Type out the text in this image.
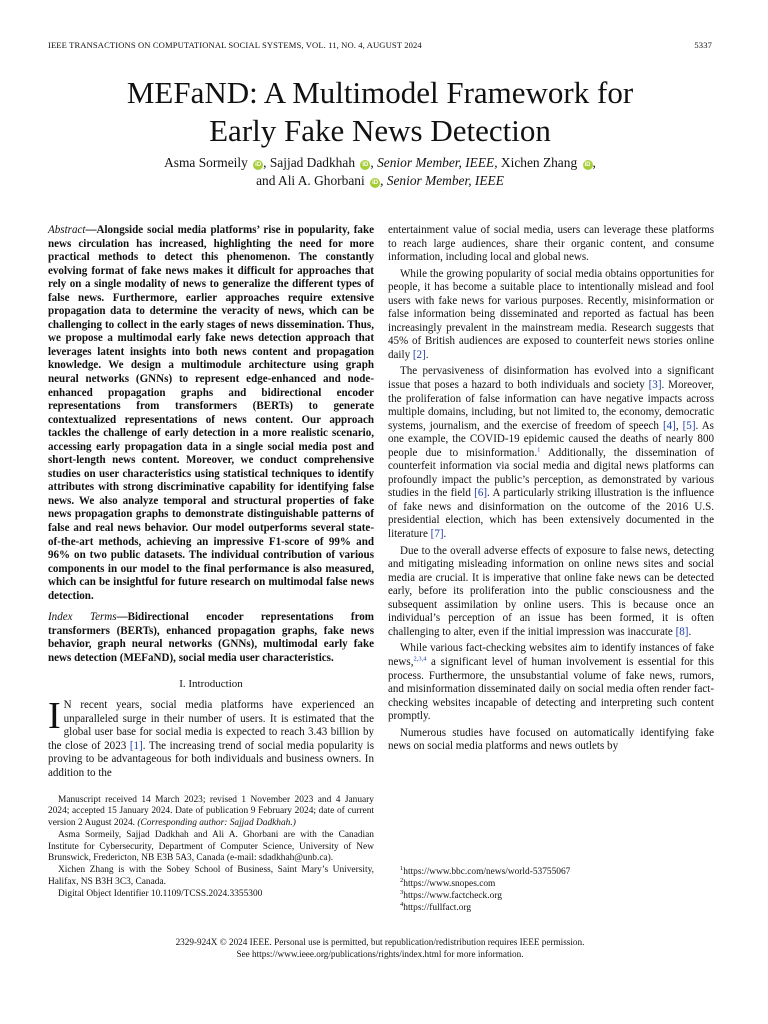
IEEE TRANSACTIONS ON COMPUTATIONAL SOCIAL SYSTEMS, VOL. 11, NO. 4, AUGUST 2024	5337
MEFaND: A Multimodel Framework for
Early Fake News Detection
Asma Sormeily iD , Sajjad Dadkhah iD , Senior Member, IEEE, Xichen Zhang iD ,
and Ali A. Ghorbani iD , Senior Member, IEEE

Abstract—Alongside social media platforms’ rise in popularity, fake news circulation has increased, highlighting the need for more practical methods to detect this phenomenon. The constantly evolving format of fake news makes it difficult for approaches that rely on a single modality of news to generalize the different types of false news. Furthermore, earlier approaches require extensive propagation data to determine the veracity of news, which can be challenging to collect in the early stages of news dissemination. Thus, we propose a multimodal early fake news detection approach that leverages latent insights into both news content and propagation knowledge. We design a multimodule architecture using graph neural networks (GNNs) to represent edge-enhanced and node-enhanced propagation graphs and bidirectional encoder representations from transformers (BERTs) to generate contextualized representations of news content. Our approach tackles the challenge of early detection in a more realistic scenario, accessing early propagation data in a single social media post and short-length news content. Moreover, we conduct comprehensive studies on user characteristics using statistical techniques to identify attributes with strong discriminative capability for identifying false news. We also analyze temporal and structural properties of fake news propagation graphs to demonstrate distinguishable patterns of false and real news behavior. Our model outperforms several state-of-the-art methods, achieving an impressive F1-score of 99% and 96% on two public datasets. The individual contribution of various components in our model to the final performance is also measured, which can be insightful for future research on multimodal false news detection.

Index Terms—Bidirectional encoder representations from transformers (BERTs), enhanced propagation graphs, fake news behavior, graph neural networks (GNNs), multimodal early fake news detection (MEFaND), social media user characteristics.

I. Introduction

I N recent years, social media platforms have experienced an unparalleled surge in their number of users. It is estimated that the global user base for social media is expected to reach 3.43 billion by the close of 2023 [1]. The increasing trend of social media popularity is proving to be advantageous for both individuals and business owners. In addition to the

Manuscript received 14 March 2023; revised 1 November 2023 and 4 January 2024; accepted 15 January 2024. Date of publication 9 February 2024; date of current version 2 August 2024. (Corresponding author: Sajjad Dadkhah.)

Asma Sormeily, Sajjad Dadkhah and Ali A. Ghorbani are with the Canadian Institute for Cybersecurity, Department of Computer Science, University of New Brunswick, Fredericton, NB E3B 5A3, Canada (e-mail: sdadkhah@unb.ca).

Xichen Zhang is with the Sobey School of Business, Saint Mary’s University, Halifax, NS B3H 3C3, Canada.

Digital Object Identifier 10.1109/TCSS.2024.3355300

entertainment value of social media, users can leverage these platforms to reach large audiences, share their organic content, and consume information, including local and global news.

While the growing popularity of social media obtains opportunities for people, it has become a suitable place to intentionally mislead and fool users with fake news for various purposes. Recently, misinformation or false information being disseminated and reported as factual has been increasingly prevalent in the mainstream media. Research suggests that 45% of British audiences are exposed to counterfeit news stories online daily [2].

The pervasiveness of disinformation has evolved into a significant issue that poses a hazard to both individuals and society [3]. Moreover, the proliferation of false information can have negative impacts across multiple domains, including, but not limited to, the economy, democratic systems, journalism, and the exercise of freedom of speech [4], [5]. As one example, the COVID-19 epidemic caused the deaths of nearly 800 people due to misinformation.$^1$ Additionally, the dissemination of counterfeit information via social media and digital news platforms can profoundly impact the public’s perception, as demonstrated by various studies in the field [6]. A particularly striking illustration is the influence of fake news and disinformation on the outcome of the 2016 U.S. presidential election, which has been extensively documented in the literature [7].

Due to the overall adverse effects of exposure to false news, detecting and mitigating misleading information on online news sites and social media are crucial. It is imperative that online fake news can be detected early, before its proliferation into the public consciousness and the subsequent assimilation by online users. This is because once an individual’s perception of an issue has been formed, it is often challenging to alter, even if the initial impression was inaccurate [8].

While various fact-checking websites aim to identify instances of fake news,$^{2,3,4}$ a significant level of human involvement is essential for this process. Furthermore, the unsubstantial volume of fake news, rumors, and misinformation disseminated daily on social media often render fact-checking websites incapable of detecting and interpreting such content promptly.

Numerous studies have focused on automatically identifying fake news on social media platforms and news outlets by

$^1$https://www.bbc.com/news/world-53755067
$^2$https://www.snopes.com
$^3$https://www.factcheck.org
$^4$https://fullfact.org
2329-924X © 2024 IEEE. Personal use is permitted, but republication/redistribution requires IEEE permission.
See https://www.ieee.org/publications/rights/index.html for more information.
